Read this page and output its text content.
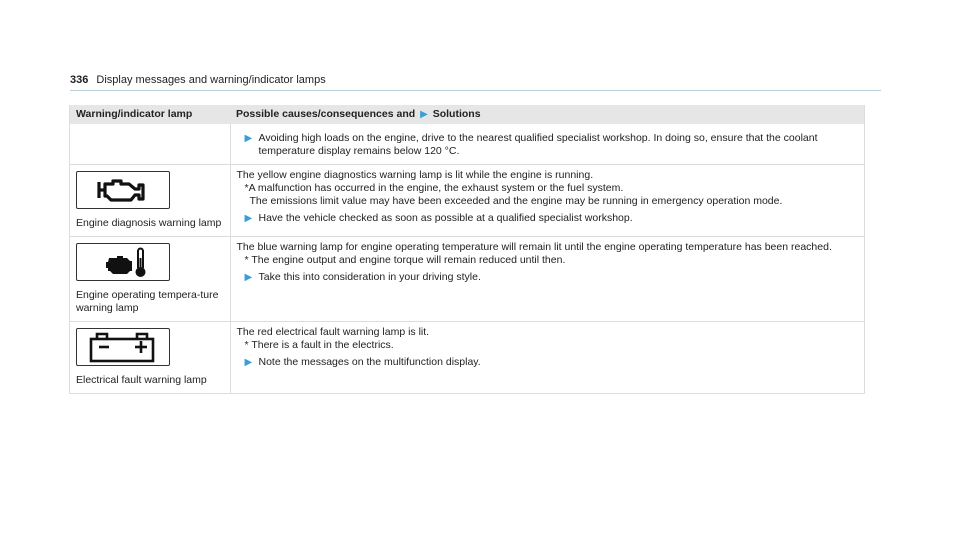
336 Display messages and warning/indicator lamps
Warning/indicator lamp	Possible causes/consequences and ▶ Solutions

	▶ Avoiding high loads on the engine, drive to the nearest qualified specialist workshop. In doing so, ensure that the coolant temperature display remains below 120 °C.

Engine diagnosis warning lamp	The yellow engine diagnostics warning lamp is lit while the engine is running.

*A malfunction has occurred in the engine, the exhaust system or the fuel system.

The emissions limit value may have been exceeded and the engine may be running in emergency operation mode.

▶ Have the vehicle checked as soon as possible at a qualified specialist workshop.

Engine operating tempera-ture warning lamp	The blue warning lamp for engine operating temperature will remain lit until the engine operating temperature has been reached.

* The engine output and engine torque will remain reduced until then.

▶ Take this into consideration in your driving style.

Electrical fault warning lamp	The red electrical fault warning lamp is lit.

* There is a fault in the electrics.

▶ Note the messages on the multifunction display.
